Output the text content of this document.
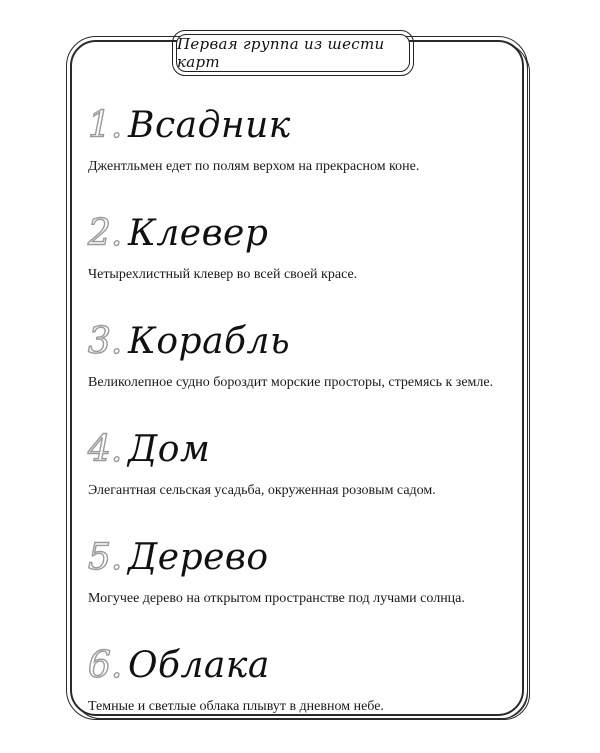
Первая группа из шести карт
1. Всадник
Джентльмен едет по полям верхом на прекрасном коне.
2. Клевер
Четырехлистный клевер во всей своей красе.
3. Корабль
Великолепное судно бороздит морские просторы, стремясь к земле.
4. Дом
Элегантная сельская усадьба, окруженная розовым садом.
5. Дерево
Могучее дерево на открытом пространстве под лучами солнца.
6. Облака
Темные и светлые облака плывут в дневном небе.
